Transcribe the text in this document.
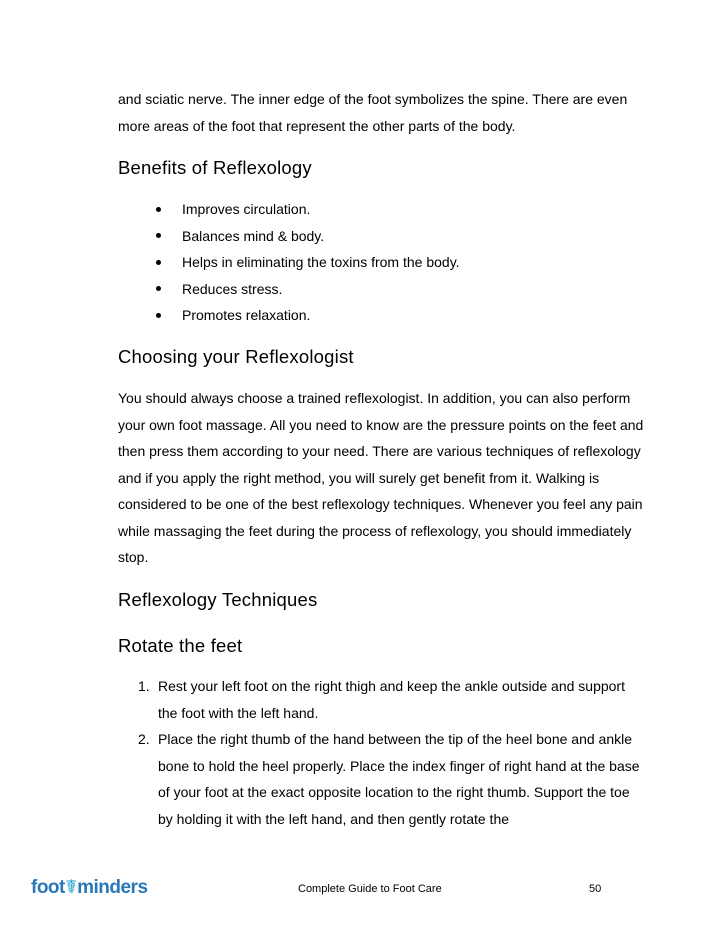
and sciatic nerve. The inner edge of the foot symbolizes the spine. There are even more areas of the foot that represent the other parts of the body.

Benefits of Reflexology
Improves circulation.
Balances mind & body.
Helps in eliminating the toxins from the body.
Reduces stress.
Promotes relaxation.
Choosing your Reflexologist

You should always choose a trained reflexologist. In addition, you can also perform your own foot massage. All you need to know are the pressure points on the feet and then press them according to your need. There are various techniques of reflexology and if you apply the right method, you will surely get benefit from it. Walking is considered to be one of the best reflexology techniques. Whenever you feel any pain while massaging the feet during the process of reflexology, you should immediately stop.

Reflexology Techniques
Rotate the feet
1. Rest your left foot on the right thigh and keep the ankle outside and support the foot with the left hand.
2. Place the right thumb of the hand between the tip of the heel bone and ankle bone to hold the heel properly. Place the index finger of right hand at the base of your foot at the exact opposite location to the right thumb. Support the toe by holding it with the left hand, and then gently rotate the
foot☤minders	Complete Guide to Foot Care	50
